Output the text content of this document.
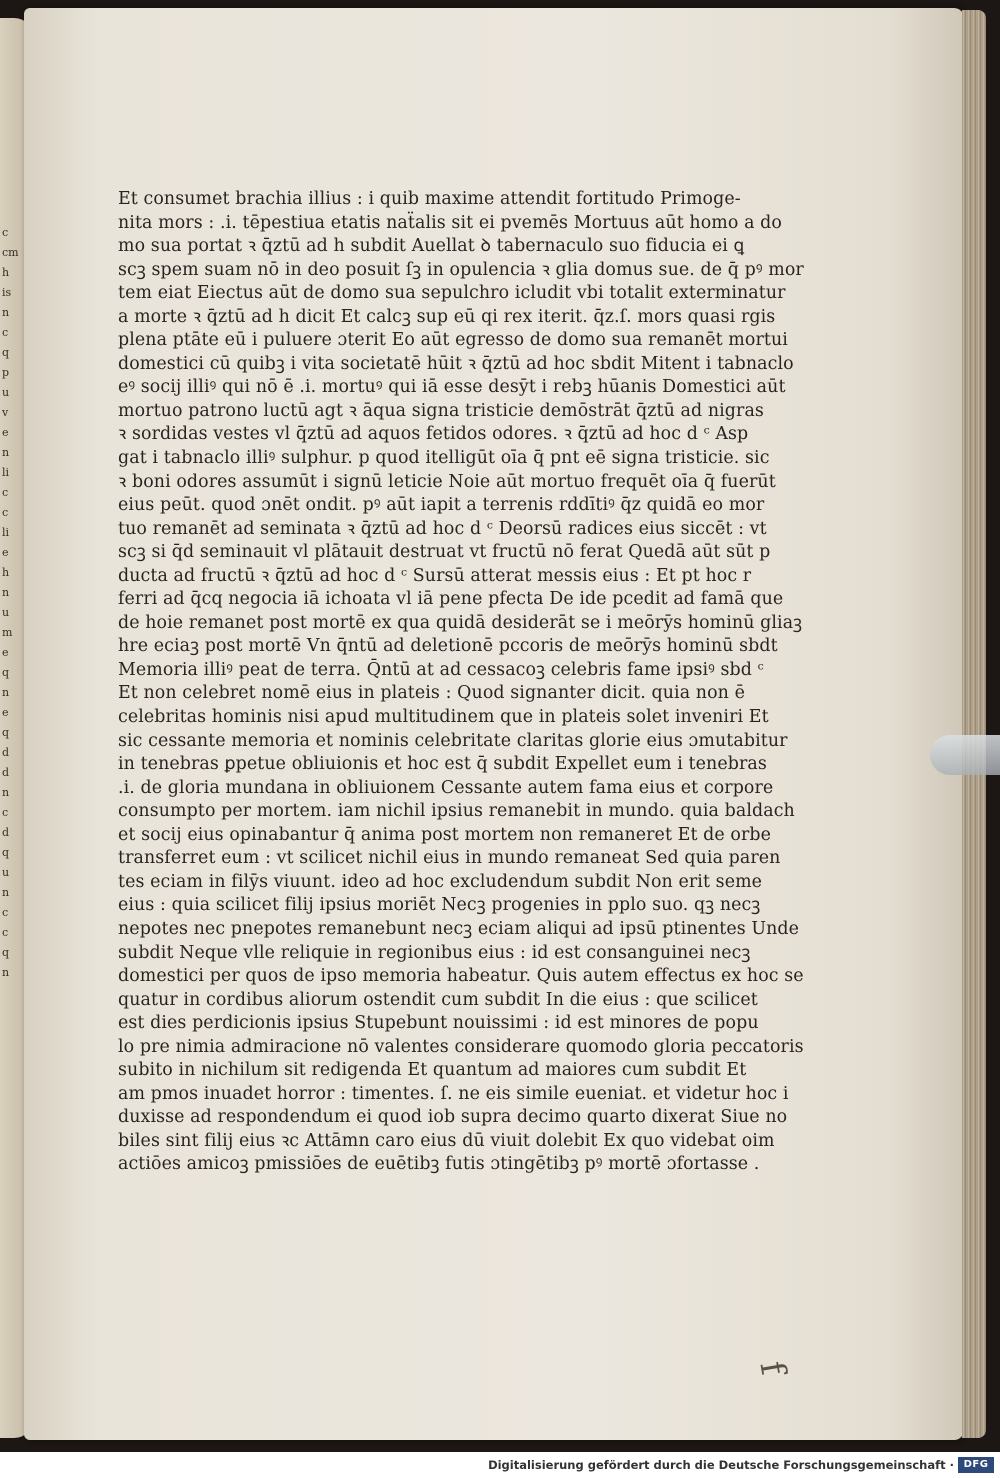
c
cm
h
is
n
c
q
p
u
v
e
n
li
c
c
li
e
h
n
u
m
e
q
n
e
q
d
d
n
c
d
q
u
n
c
c
q
n
Et consumet brachia illius : i quib maxime attendit fortitudo Primoge-
nita mors : .i. tēpestiua etatis naẗalis sit ei pvemēs Mortuus aūt homo a do
mo sua portat ꝛ q̄ztū ad h subdit Auellat ꝺ tabernaculo suo fiducia ei ꝗ
scꝫ spem suam nō in deo posuit ſꝫ in opulencia ꝛ glia domus sue. de q̄ pꝰ mor
tem eiat Eiectus aūt de domo sua sepulchro icludit vbi totalit exterminatur
a morte ꝛ q̄ztū ad h dicit Et calcꝫ sup eū qi rex iterit. q̄z.ſ. mors quasi rgis
plena ptāte eū i puluere ɔterit Eo aūt egresso de domo sua remanēt mortui
domestici cū quibꝫ i vita societatē hūit ꝛ q̄ztū ad hoc sbdit Mitent i tabnaclo
eꝰ socij illiꝰ qui nō ē .i. mortuꝰ qui iā esse desȳt i rebꝫ hūanis Domestici aūt
mortuo patrono luctū agt ꝛ āqua signa tristicie demōstrāt q̄ztū ad nigras
ꝛ sordidas vestes vl q̄ztū ad aquos fetidos odores. ꝛ q̄ztū ad hoc d ᶜ Asp
gat i tabnaclo illiꝰ sulphur. p quod itelligūt oīa q̄ pnt eē signa tristicie. sic
ꝛ boni odores assumūt i signū leticie Noie aūt mortuo frequēt oīa q̄ fuerūt
eius peūt. quod ɔnēt ondit. pꝰ aūt iapit a terrenis rddītiꝰ q̄z quidā eo mor
tuo remanēt ad seminata ꝛ q̄ztū ad hoc d ᶜ Deorsū radices eius siccēt : vt
scꝫ si q̄d seminauit vl plātauit destruat vt fructū nō ferat Quedā aūt sūt p
ducta ad fructū ꝛ q̄ztū ad hoc d ᶜ Sursū atterat messis eius : Et pt hoc r
ferri ad q̄cq negocia iā ichoata vl iā pene pfecta De ide pcedit ad famā que
de hoie remanet post mortē ex qua quidā desiderāt se i meōrȳs hominū gliaꝫ
hre eciaꝫ post mortē Vn q̄ntū ad deletionē pccoris de meōrȳs hominū sbdt
Memoria illiꝰ peat de terra. Q̄ntū at ad cessacoꝫ celebris fame ipsiꝰ sbd ᶜ
Et non celebret nomē eius in plateis : Quod signanter dicit. quia non ē
celebritas hominis nisi apud multitudinem que in plateis solet inveniri Et
sic cessante memoria et nominis celebritate claritas glorie eius ɔmutabitur
in tenebras ꝑpetue obliuionis et hoc est q̄ subdit Expellet eum i tenebras
.i. de gloria mundana in obliuionem Cessante autem fama eius et corpore
consumpto per mortem. iam nichil ipsius remanebit in mundo. quia baldach
et socij eius opinabantur q̄ anima post mortem non remaneret Et de orbe
transferret eum : vt scilicet nichil eius in mundo remaneat Sed quia paren
tes eciam in filȳs viuunt. ideo ad hoc excludendum subdit Non erit seme
eius : quia scilicet filij ipsius moriēt Necꝫ progenies in pplo suo. qꝫ necꝫ
nepotes nec pnepotes remanebunt necꝫ eciam aliqui ad ipsū ptinentes Unde
subdit Neque vlle reliquie in regionibus eius : id est consanguinei necꝫ
domestici per quos de ipso memoria habeatur. Quis autem effectus ex hoc se
quatur in cordibus aliorum ostendit cum subdit In die eius : que scilicet
est dies perdicionis ipsius Stupebunt nouissimi : id est minores de popu
lo pre nimia admiracione nō valentes considerare quomodo gloria peccatoris
subito in nichilum sit redigenda Et quantum ad maiores cum subdit Et
am pmos inuadet horror : timentes. ſ. ne eis simile eueniat. et videtur hoc i
duxisse ad respondendum ei quod iob supra decimo quarto dixerat Siue no
biles sint filij eius ꝛc Attāmn caro eius dū viuit dolebit Ex quo videbat oim
actiōes amicoꝫ pmissiōes de euētibꝫ futis ɔtingētibꝫ pꝰ mortē ɔfortasse .
f
Digitalisierung gefördert durch die Deutsche Forschungsgemeinschaft · DFG
